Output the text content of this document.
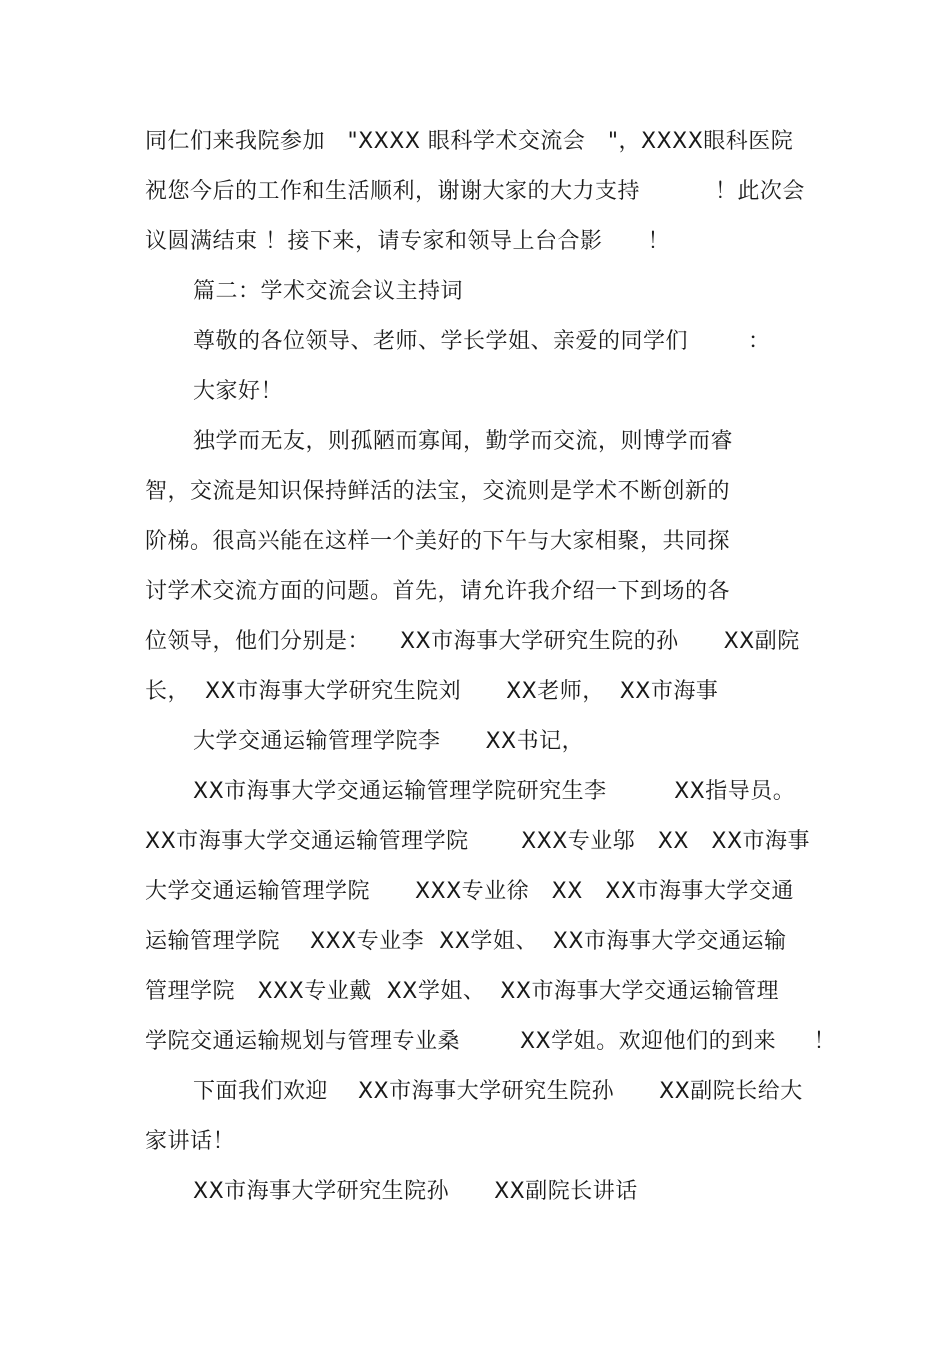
同仁们来我院参加   "XXXX 眼科学术交流会   "，XXXX眼科医院
祝您今后的工作和生活顺利，谢谢大家的大力支持          ！此次会
议圆满结束 ！接下来，请专家和领导上台合影      ！
篇二：学术交流会议主持词
尊敬的各位领导、老师、学长学姐、亲爱的同学们        ：
大家好！
独学而无友，则孤陋而寡闻，勤学而交流，则博学而睿
智，交流是知识保持鲜活的法宝，交流则是学术不断创新的
阶梯。很高兴能在这样一个美好的下午与大家相聚，共同探
讨学术交流方面的问题。首先，请允许我介绍一下到场的各
位领导，他们分别是：    XX市海事大学研究生院的孙      XX副院
长，  XX市海事大学研究生院刘      XX老师，  XX市海事
大学交通运输管理学院李      XX书记，
XX市海事大学交通运输管理学院研究生李         XX指导员。
XX市海事大学交通运输管理学院       XXX专业邬   XX   XX市海事
大学交通运输管理学院      XXX专业徐   XX   XX市海事大学交通
运输管理学院    XXX专业李  XX学姐、  XX市海事大学交通运输
管理学院   XXX专业戴  XX学姐、  XX市海事大学交通运输管理
学院交通运输规划与管理专业桑        XX学姐。欢迎他们的到来     ！
下面我们欢迎    XX市海事大学研究生院孙      XX副院长给大
家讲话！
XX市海事大学研究生院孙      XX副院长讲话
